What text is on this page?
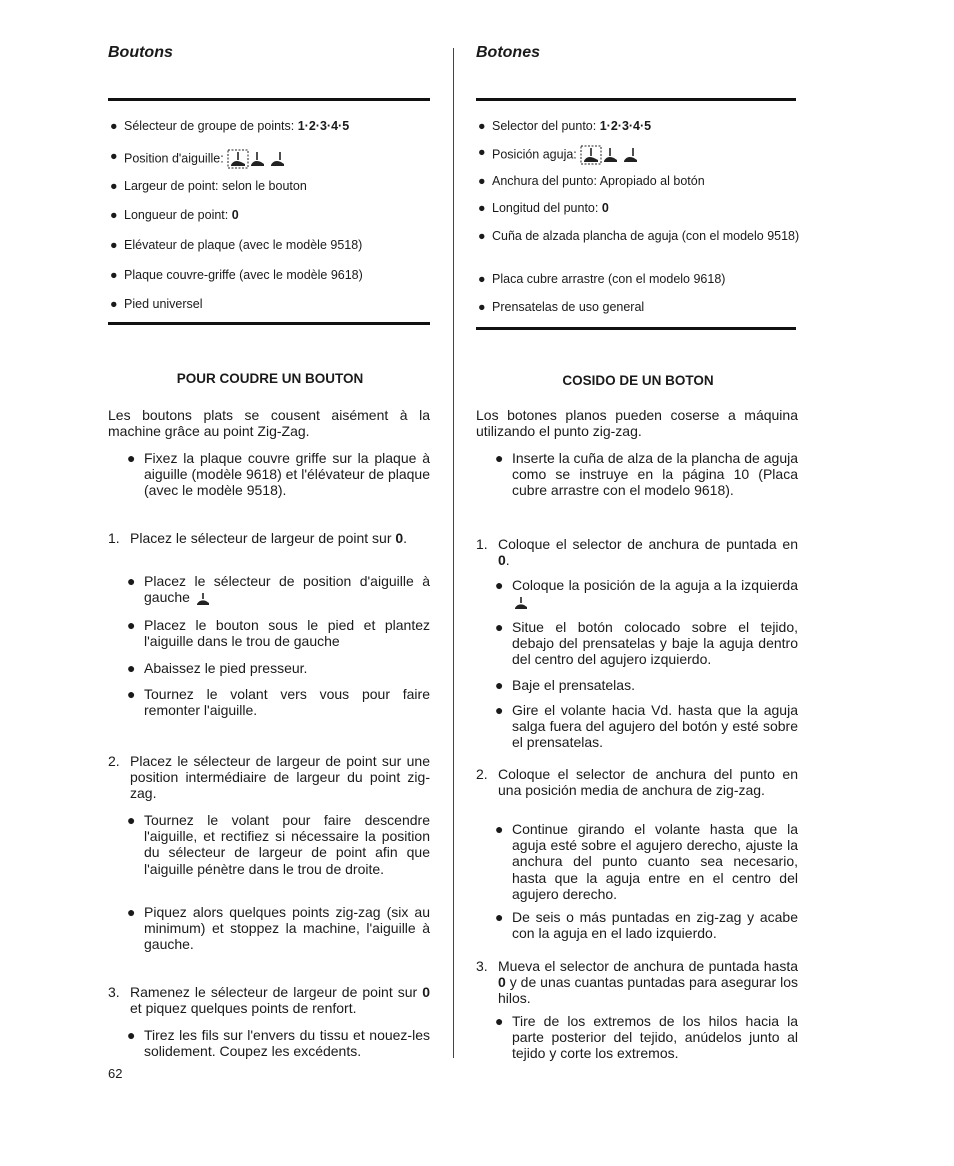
Boutons
● Sélecteur de groupe de points: 1·2·3·4·5
● Position d'aiguille:
● Largeur de point: selon le bouton
● Longueur de point: 0
● Elévateur de plaque (avec le modèle 9518)
● Plaque couvre-griffe (avec le modèle 9618)
● Pied universel
POUR COUDRE UN BOUTON
Les boutons plats se cousent aisément à la machine grâce au point Zig-Zag.
● Fixez la plaque couvre griffe sur la plaque à aiguille (modèle 9618) et l'élévateur de plaque (avec le modèle 9518).
1. Placez le sélecteur de largeur de point sur 0.
● Placez le sélecteur de position d'aiguille à gauche
● Placez le bouton sous le pied et plantez l'aiguille dans le trou de gauche
● Abaissez le pied presseur.
● Tournez le volant vers vous pour faire remonter l'aiguille.
2. Placez le sélecteur de largeur de point sur une position intermédiaire de largeur du point zig-zag.
● Tournez le volant pour faire descendre l'aiguille, et rectifiez si nécessaire la position du sélecteur de largeur de point afin que l'aiguille pénètre dans le trou de droite.
● Piquez alors quelques points zig-zag (six au minimum) et stoppez la machine, l'aiguille à gauche.
3. Ramenez le sélecteur de largeur de point sur 0 et piquez quelques points de renfort.
● Tirez les fils sur l'envers du tissu et nouez-les solidement. Coupez les excédents.
Botones
● Selector del punto: 1·2·3·4·5
● Posición aguja:
● Anchura del punto: Apropiado al botón
● Longitud del punto: 0
● Cuña de alzada plancha de aguja (con el modelo 9518)
● Placa cubre arrastre (con el modelo 9618)
● Prensatelas de uso general
COSIDO DE UN BOTON
Los botones planos pueden coserse a máquina utilizando el punto zig-zag.
● Inserte la cuña de alza de la plancha de aguja como se instruye en la página 10 (Placa cubre arrastre con el modelo 9618).
1. Coloque el selector de anchura de puntada en 0.
● Coloque la posición de la aguja a la izquierda
● Situe el botón colocado sobre el tejido, debajo del prensatelas y baje la aguja dentro del centro del agujero izquierdo.
● Baje el prensatelas.
● Gire el volante hacia Vd. hasta que la aguja salga fuera del agujero del botón y esté sobre el prensatelas.
2. Coloque el selector de anchura del punto en una posición media de anchura de zig-zag.
● Continue girando el volante hasta que la aguja esté sobre el agujero derecho, ajuste la anchura del punto cuanto sea necesario, hasta que la aguja entre en el centro del agujero derecho.
● De seis o más puntadas en zig-zag y acabe con la aguja en el lado izquierdo.
3. Mueva el selector de anchura de puntada hasta 0 y de unas cuantas puntadas para asegurar los hilos.
● Tire de los extremos de los hilos hacia la parte posterior del tejido, anúdelos junto al tejido y corte los extremos.
62
